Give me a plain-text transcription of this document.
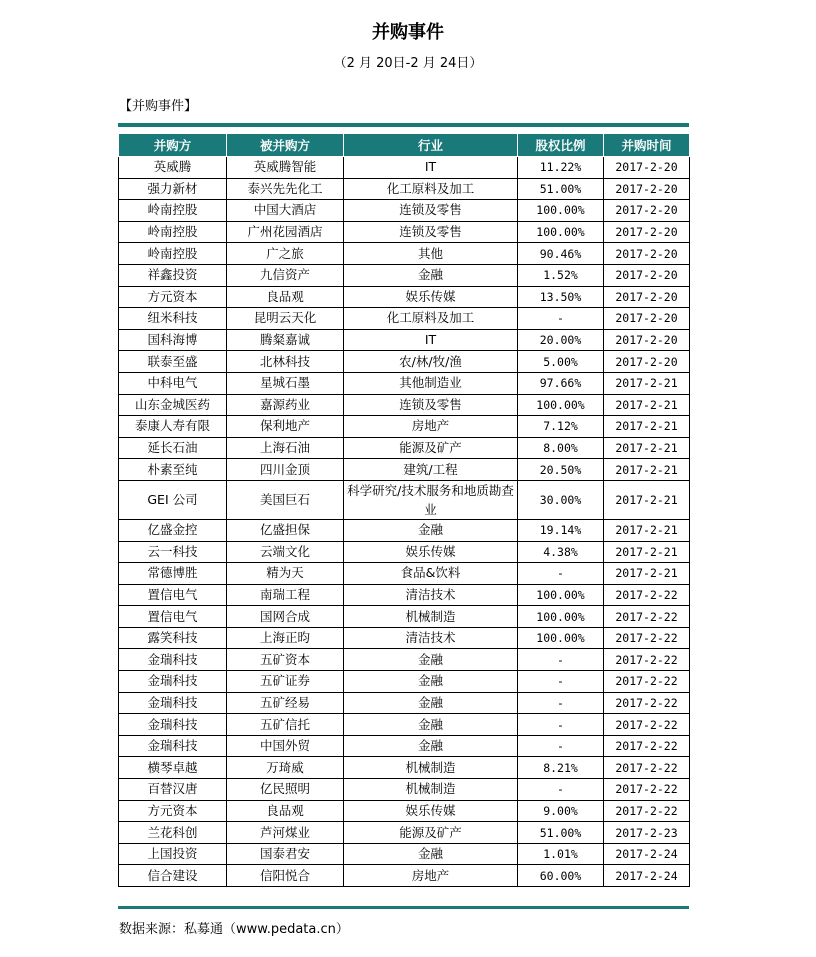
并购事件
（2 月 20日-2 月 24日）
【并购事件】
并购方	被并购方	行业	股权比例	并购时间
英威腾	英威腾智能	IT	11.22%	2017-2-20
强力新材	泰兴先先化工	化工原料及加工	51.00%	2017-2-20
岭南控股	中国大酒店	连锁及零售	100.00%	2017-2-20
岭南控股	广州花园酒店	连锁及零售	100.00%	2017-2-20
岭南控股	广之旅	其他	90.46%	2017-2-20
祥鑫投资	九信资产	金融	1.52%	2017-2-20
方元资本	良品观	娱乐传媒	13.50%	2017-2-20
纽米科技	昆明云天化	化工原料及加工	-	2017-2-20
国科海博	腾粲嘉诚	IT	20.00%	2017-2-20
联泰至盛	北林科技	农/林/牧/渔	5.00%	2017-2-20
中科电气	星城石墨	其他制造业	97.66%	2017-2-21
山东金城医药	嘉源药业	连锁及零售	100.00%	2017-2-21
泰康人寿有限	保利地产	房地产	7.12%	2017-2-21
延长石油	上海石油	能源及矿产	8.00%	2017-2-21
朴素至纯	四川金顶	建筑/工程	20.50%	2017-2-21
GEI 公司	美国巨石	科学研究/技术服务和地质勘查业	30.00%	2017-2-21
亿盛金控	亿盛担保	金融	19.14%	2017-2-21
云一科技	云端文化	娱乐传媒	4.38%	2017-2-21
常德博胜	精为天	食品&饮料	-	2017-2-21
置信电气	南瑞工程	清洁技术	100.00%	2017-2-22
置信电气	国网合成	机械制造	100.00%	2017-2-22
露笑科技	上海正昀	清洁技术	100.00%	2017-2-22
金瑞科技	五矿资本	金融	-	2017-2-22
金瑞科技	五矿证券	金融	-	2017-2-22
金瑞科技	五矿经易	金融	-	2017-2-22
金瑞科技	五矿信托	金融	-	2017-2-22
金瑞科技	中国外贸	金融	-	2017-2-22
横琴卓越	万琦威	机械制造	8.21%	2017-2-22
百替汉唐	亿民照明	机械制造	-	2017-2-22
方元资本	良品观	娱乐传媒	9.00%	2017-2-22
兰花科创	芦河煤业	能源及矿产	51.00%	2017-2-23
上国投资	国泰君安	金融	1.01%	2017-2-24
信合建设	信阳悦合	房地产	60.00%	2017-2-24
数据来源：私募通（www.pedata.cn）
